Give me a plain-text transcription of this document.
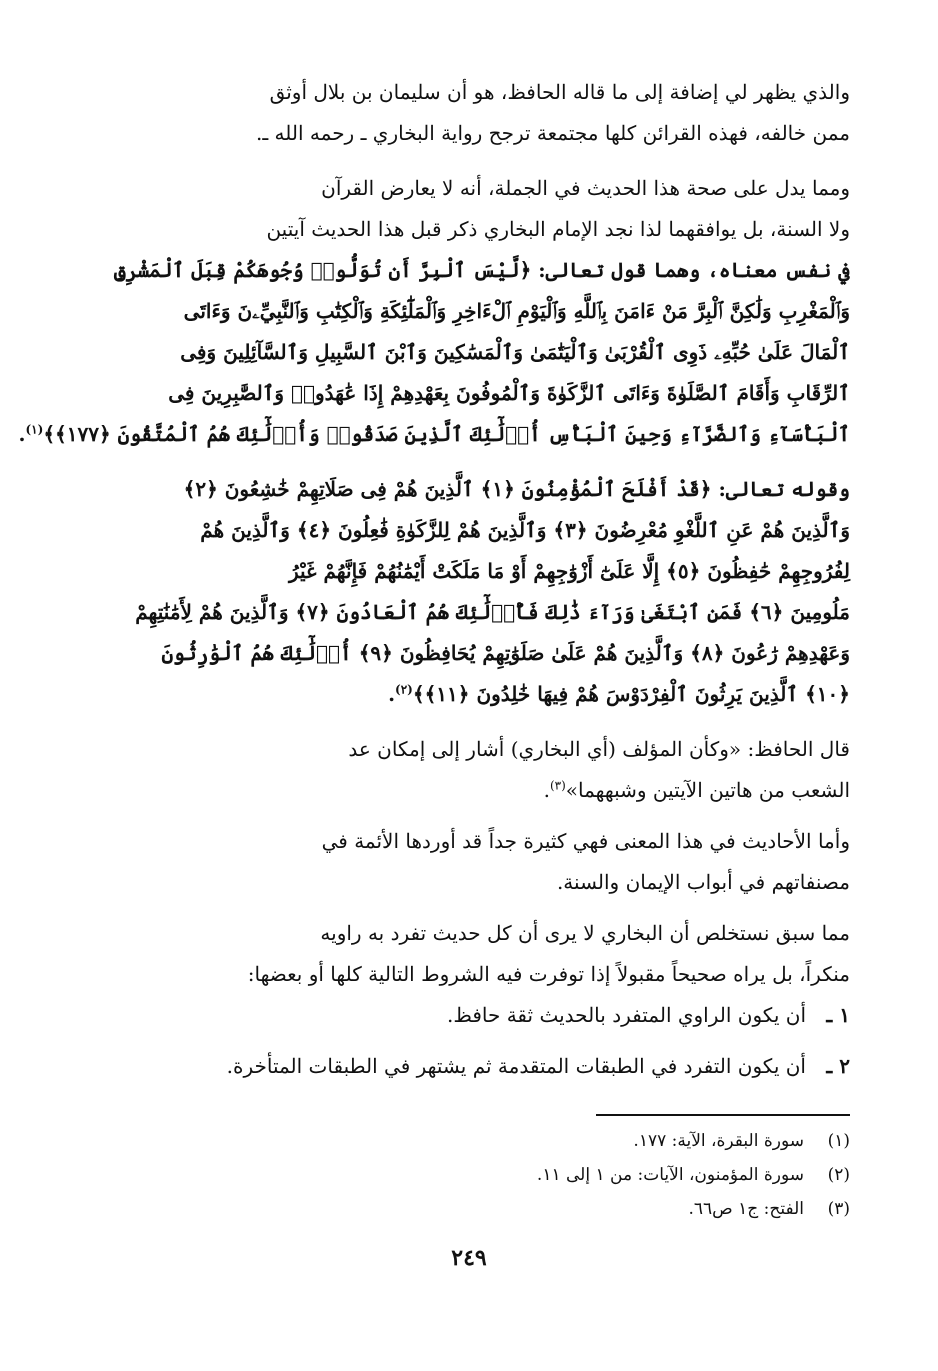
والذي يظهر لي إضافة إلى ما قاله الحافظ، هو أن سليمان بن بلال أوثق
ممن خالفه، فهذه القرائن كلها مجتمعة ترجح رواية البخاري ـ رحمه الله ـ.

ومما يدل على صحة هذا الحديث في الجملة، أنه لا يعارض القرآن
ولا السنة، بل يوافقهما لذا نجد الإمام البخاري ذكر قبل هذا الحديث آيتين
في نفس معناه، وهما قول تعالى: ﴿لَّيْسَ ٱلْبِرَّ أَن تُوَلُّوا۟ وُجُوهَكُمْ قِبَلَ ٱلْمَشْرِقِ
وَٱلْمَغْرِبِ وَلَٰكِنَّ ٱلْبِرَّ مَنْ ءَامَنَ بِٱللَّهِ وَٱلْيَوْمِ ٱلْءَاخِرِ وَٱلْمَلَٰٓئِكَةِ وَٱلْكِتَٰبِ وَٱلنَّبِيِّۦنَ وَءَاتَى
ٱلْمَالَ عَلَىٰ حُبِّهِۦ ذَوِى ٱلْقُرْبَىٰ وَٱلْيَتَٰمَىٰ وَٱلْمَسَٰكِينَ وَٱبْنَ ٱلسَّبِيلِ وَٱلسَّآئِلِينَ وَفِى
ٱلرِّقَابِ وَأَقَامَ ٱلصَّلَوٰةَ وَءَاتَى ٱلزَّكَوٰةَ وَٱلْمُوفُونَ بِعَهْدِهِمْ إِذَا عَٰهَدُوا۟ وَٱلصَّٰبِرِينَ فِى
ٱلْبَأْسَآءِ وَٱلضَّرَّآءِ وَحِينَ ٱلْبَأْسِ أُو۟لَٰٓئِكَ ٱلَّذِينَ صَدَقُوا۟ وَأُو۟لَٰٓئِكَ هُمُ ٱلْمُتَّقُونَ ﴿١٧٧﴾﴾$^{(١)}$.

وقوله تعالى: ﴿قَدْ أَفْلَحَ ٱلْمُؤْمِنُونَ ﴿١﴾ ٱلَّذِينَ هُمْ فِى صَلَاتِهِمْ خَٰشِعُونَ ﴿٢﴾
وَٱلَّذِينَ هُمْ عَنِ ٱللَّغْوِ مُعْرِضُونَ ﴿٣﴾ وَٱلَّذِينَ هُمْ لِلزَّكَوٰةِ فَٰعِلُونَ ﴿٤﴾ وَٱلَّذِينَ هُمْ
لِفُرُوجِهِمْ حَٰفِظُونَ ﴿٥﴾ إِلَّا عَلَىٰٓ أَزْوَٰجِهِمْ أَوْ مَا مَلَكَتْ أَيْمَٰنُهُمْ فَإِنَّهُمْ غَيْرُ
مَلُومِينَ ﴿٦﴾ فَمَنِ ٱبْتَغَىٰ وَرَآءَ ذَٰلِكَ فَأُو۟لَٰٓئِكَ هُمُ ٱلْعَادُونَ ﴿٧﴾ وَٱلَّذِينَ هُمْ لِأَمَٰنَٰتِهِمْ
وَعَهْدِهِمْ رَٰعُونَ ﴿٨﴾ وَٱلَّذِينَ هُمْ عَلَىٰ صَلَوَٰتِهِمْ يُحَافِظُونَ ﴿٩﴾ أُو۟لَٰٓئِكَ هُمُ ٱلْوَٰرِثُونَ
﴿١٠﴾ ٱلَّذِينَ يَرِثُونَ ٱلْفِرْدَوْسَ هُمْ فِيهَا خَٰلِدُونَ ﴿١١﴾﴾$^{(٢)}$.

قال الحافظ: «وكأن المؤلف (أي البخاري) أشار إلى إمكان عد
الشعب من هاتين الآيتين وشبههما»$^{(٣)}$.

وأما الأحاديث في هذا المعنى فهي كثيرة جداً قد أوردها الأئمة في
مصنفاتهم في أبواب الإيمان والسنة.

مما سبق نستخلص أن البخاري لا يرى أن كل حديث تفرد به راويه
منكراً، بل يراه صحيحاً مقبولاً إذا توفرت فيه الشروط التالية كلها أو بعضها:

١ ـ
أن يكون الراوي المتفرد بالحديث ثقة حافظ.
٢ ـ
أن يكون التفرد في الطبقات المتقدمة ثم يشتهر في الطبقات المتأخرة.
(١)
سورة البقرة، الآية: ١٧٧.
(٢)
سورة المؤمنون، الآيات: من ١ إلى ١١.
(٣)
الفتح: ج١ ص٦٦.
٢٤٩
